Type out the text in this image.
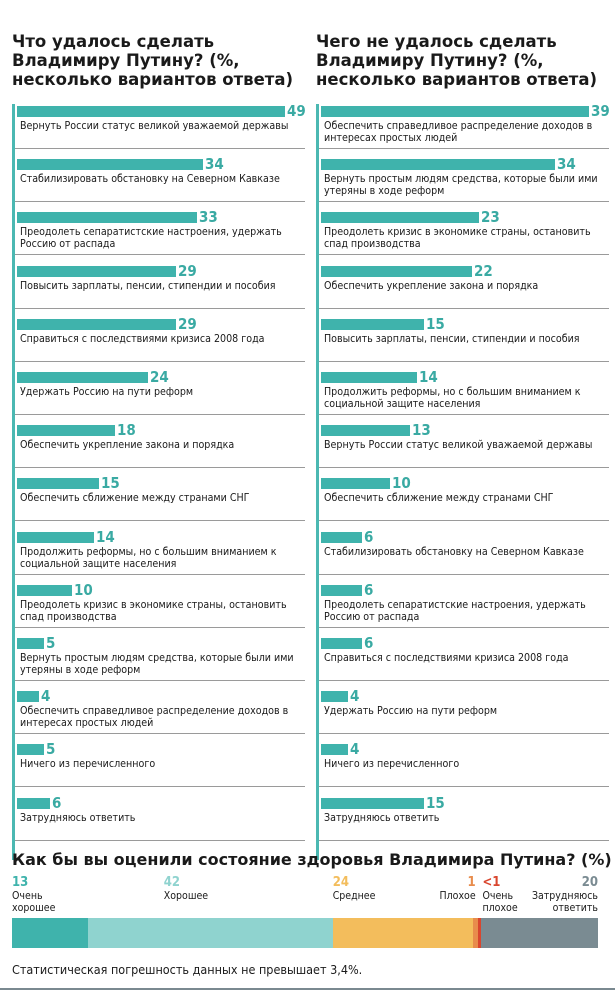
Что удалось сделать Владимиру Путину? (%, несколько вариантов ответа)
49
Вернуть России статус великой уважаемой державы
34
Стабилизировать обстановку на Северном Кавказе
33
Преодолеть сепаратистские настроения, удержать Россию от распада
29
Повысить зарплаты, пенсии, стипендии и пособия
29
Справиться с последствиями кризиса 2008 года
24
Удержать Россию на пути реформ
18
Обеспечить укрепление закона и порядка
15
Обеспечить сближение между странами СНГ
14
Продолжить реформы, но с большим вниманием к социальной защите населения
10
Преодолеть кризис в экономике страны, остановить спад производства
5
Вернуть простым людям средства, которые были ими утеряны в ходе реформ
4
Обеспечить справедливое распределение доходов в интересах простых людей
5
Ничего из перечисленного
6
Затрудняюсь ответить
Чего не удалось сделать Владимиру Путину? (%, несколько вариантов ответа)
39
Обеспечить справедливое распределение доходов в интересах простых людей
34
Вернуть простым людям средства, которые были ими утеряны в ходе реформ
23
Преодолеть кризис в экономике страны, остановить спад производства
22
Обеспечить укрепление закона и порядка
15
Повысить зарплаты, пенсии, стипендии и пособия
14
Продолжить реформы, но с большим вниманием к социальной защите населения
13
Вернуть России статус великой уважаемой державы
10
Обеспечить сближение между странами СНГ
6
Стабилизировать обстановку на Северном Кавказе
6
Преодолеть сепаратистские настроения, удержать Россию от распада
6
Справиться с последствиями кризиса 2008 года
4
Удержать Россию на пути реформ
4
Ничего из перечисленного
15
Затрудняюсь ответить
Как бы вы оценили состояние здоровья Владимира Путина? (%)
13
Очень хорошее
42
Хорошее
24
Среднее
1
Плохое
<1
Очень плохое
20
Затрудняюсь ответить
Статистическая погрешность данных не превышает 3,4%.
